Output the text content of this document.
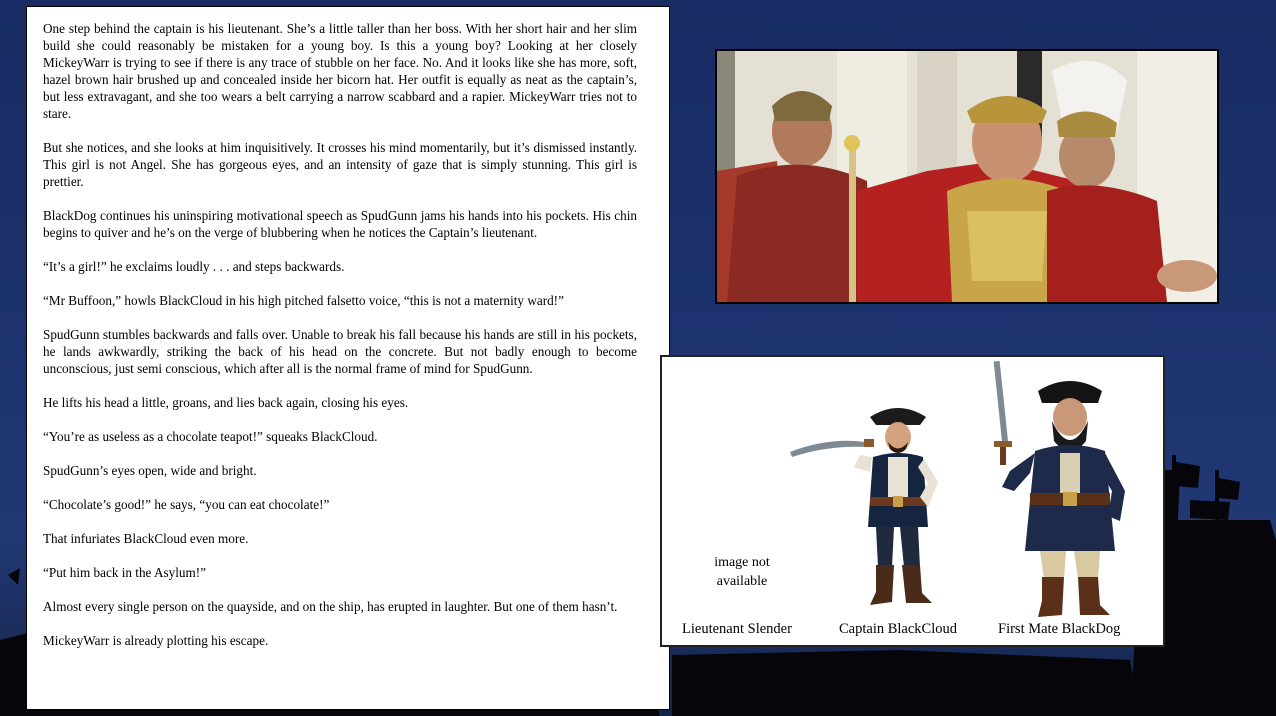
One step behind the captain is his lieutenant. She’s a little taller than her boss. With her short hair and her slim build she could reasonably be mistaken for a young boy. Is this a young boy? Looking at her closely MickeyWarr is trying to see if there is any trace of stubble on her face. No. And it looks like she has more, soft, hazel brown hair brushed up and concealed inside her bicorn hat. Her outfit is equally as neat as the captain’s, but less extravagant, and she too wears a belt carrying a narrow scabbard and a rapier. MickeyWarr tries not to stare.

But she notices, and she looks at him inquisitively. It crosses his mind momentarily, but it’s dismissed instantly. This girl is not Angel. She has gorgeous eyes, and an intensity of gaze that is simply stunning. This girl is prettier.

BlackDog continues his uninspiring motivational speech as SpudGunn jams his hands into his pockets. His chin begins to quiver and he’s on the verge of blubbering when he notices the Captain’s lieutenant.

“It’s a girl!” he exclaims loudly . . . and steps backwards.

“Mr Buffoon,” howls BlackCloud in his high pitched falsetto voice, “this is not a maternity ward!”

SpudGunn stumbles backwards and falls over. Unable to break his fall because his hands are still in his pockets, he lands awkwardly, striking the back of his head on the concrete. But not badly enough to become unconscious, just semi conscious, which after all is the normal frame of mind for SpudGunn.

He lifts his head a little, groans, and lies back again, closing his eyes.

“You’re as useless as a chocolate teapot!” squeaks BlackCloud.

SpudGunn’s eyes open, wide and bright.

“Chocolate’s good!” he says, “you can eat chocolate!”

That infuriates BlackCloud even more.

“Put him back in the Asylum!”

Almost every single person on the quayside, and on the ship, has erupted in laughter. But one of them hasn’t.

MickeyWarr is already plotting his escape.

image not
available
Lieutenant Slender	Captain BlackCloud	First Mate BlackDog
